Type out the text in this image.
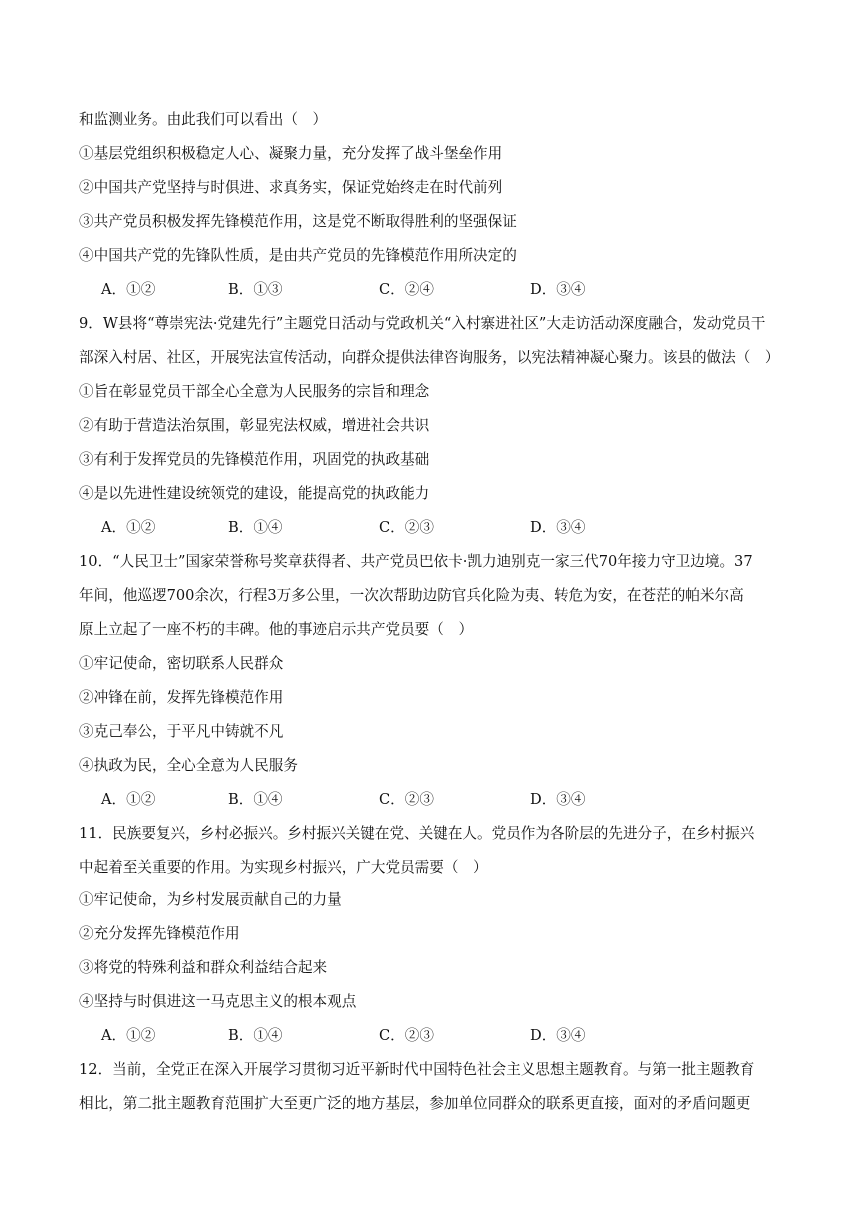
和监测业务。由此我们可以看出（　）
①基层党组织积极稳定人心、凝聚力量，充分发挥了战斗堡垒作用
②中国共产党坚持与时俱进、求真务实，保证党始终走在时代前列
③共产党员积极发挥先锋模范作用，这是党不断取得胜利的坚强保证
④中国共产党的先锋队性质，是由共产党员的先锋模范作用所决定的
A．①②	B．①③	C．②④	D．③④
9．W县将“尊崇宪法·党建先行”主题党日活动与党政机关“入村寨进社区”大走访活动深度融合，发动党员干
部深入村居、社区，开展宪法宣传活动，向群众提供法律咨询服务，以宪法精神凝心聚力。该县的做法（　）
①旨在彰显党员干部全心全意为人民服务的宗旨和理念
②有助于营造法治氛围，彰显宪法权威，增进社会共识
③有利于发挥党员的先锋模范作用，巩固党的执政基础
④是以先进性建设统领党的建设，能提高党的执政能力
A．①②	B．①④	C．②③	D．③④
10．“人民卫士”国家荣誉称号奖章获得者、共产党员巴依卡·凯力迪别克一家三代70年接力守卫边境。37
年间，他巡逻700余次，行程3万多公里，一次次帮助边防官兵化险为夷、转危为安，在苍茫的帕米尔高
原上立起了一座不朽的丰碑。他的事迹启示共产党员要（　）
①牢记使命，密切联系人民群众
②冲锋在前，发挥先锋模范作用
③克己奉公，于平凡中铸就不凡
④执政为民，全心全意为人民服务
A．①②	B．①④	C．②③	D．③④
11．民族要复兴，乡村必振兴。乡村振兴关键在党、关键在人。党员作为各阶层的先进分子，在乡村振兴
中起着至关重要的作用。为实现乡村振兴，广大党员需要（　）
①牢记使命，为乡村发展贡献自己的力量
②充分发挥先锋模范作用
③将党的特殊利益和群众利益结合起来
④坚持与时俱进这一马克思主义的根本观点
A．①②	B．①④	C．②③	D．③④
12．当前，全党正在深入开展学习贯彻习近平新时代中国特色社会主义思想主题教育。与第一批主题教育
相比，第二批主题教育范围扩大至更广泛的地方基层，参加单位同群众的联系更直接，面对的矛盾问题更
